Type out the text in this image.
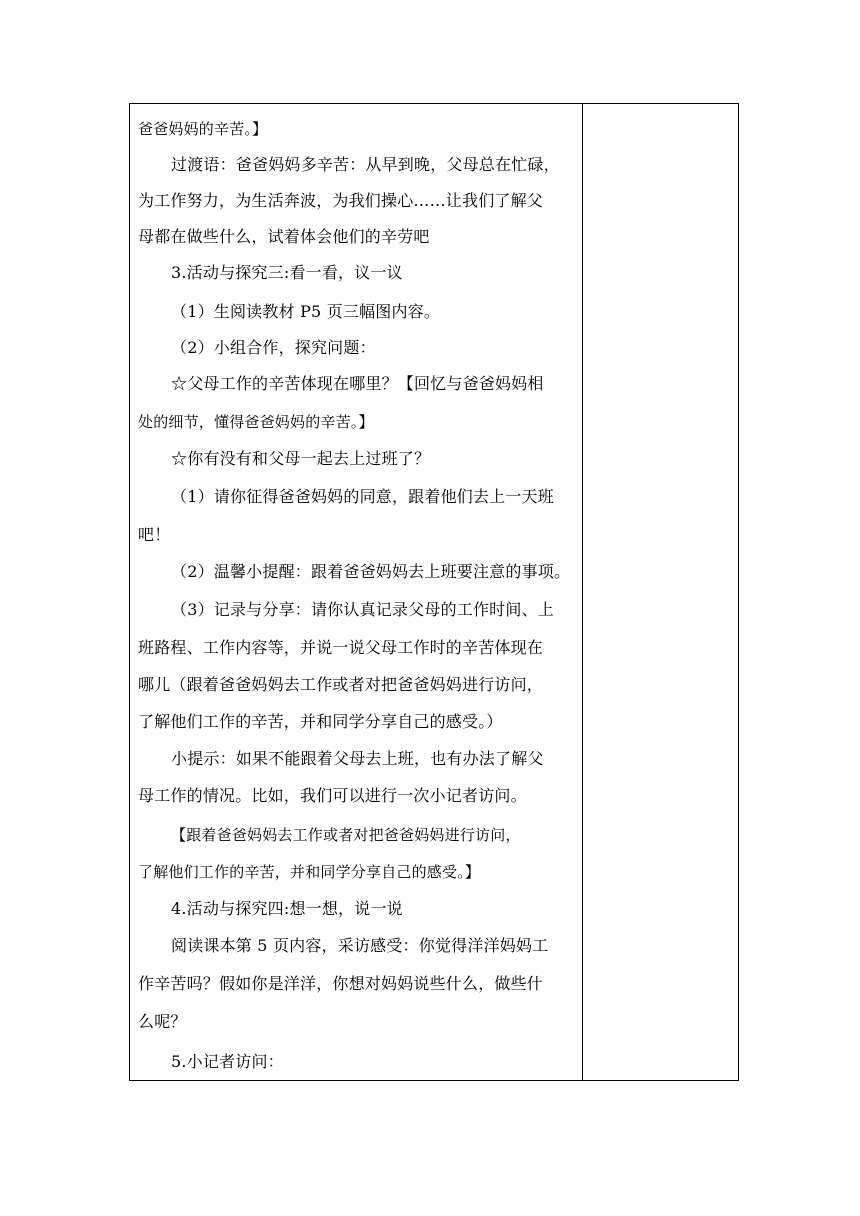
爸爸妈妈的辛苦。】
过渡语：爸爸妈妈多辛苦：从早到晚，父母总在忙碌，
为工作努力，为生活奔波，为我们操心……让我们了解父
母都在做些什么，试着体会他们的辛劳吧
3.活动与探究三:看一看，议一议
（1）生阅读教材 P5 页三幅图内容。
（2）小组合作，探究问题：
☆父母工作的辛苦体现在哪里？【回忆与爸爸妈妈相
处的细节，懂得爸爸妈妈的辛苦。】
☆你有没有和父母一起去上过班了？
（1）请你征得爸爸妈妈的同意，跟着他们去上一天班
吧！
（2）温馨小提醒：跟着爸爸妈妈去上班要注意的事项。
（3）记录与分享：请你认真记录父母的工作时间、上
班路程、工作内容等，并说一说父母工作时的辛苦体现在
哪儿（跟着爸爸妈妈去工作或者对把爸爸妈妈进行访问，
了解他们工作的辛苦，并和同学分享自己的感受。）
小提示：如果不能跟着父母去上班，也有办法了解父
母工作的情况。比如，我们可以进行一次小记者访问。
【跟着爸爸妈妈去工作或者对把爸爸妈妈进行访问，
了解他们工作的辛苦，并和同学分享自己的感受。】
4.活动与探究四:想一想，说一说
阅读课本第 5 页内容，采访感受：你觉得洋洋妈妈工
作辛苦吗？假如你是洋洋，你想对妈妈说些什么，做些什
么呢？
5.小记者访问：
